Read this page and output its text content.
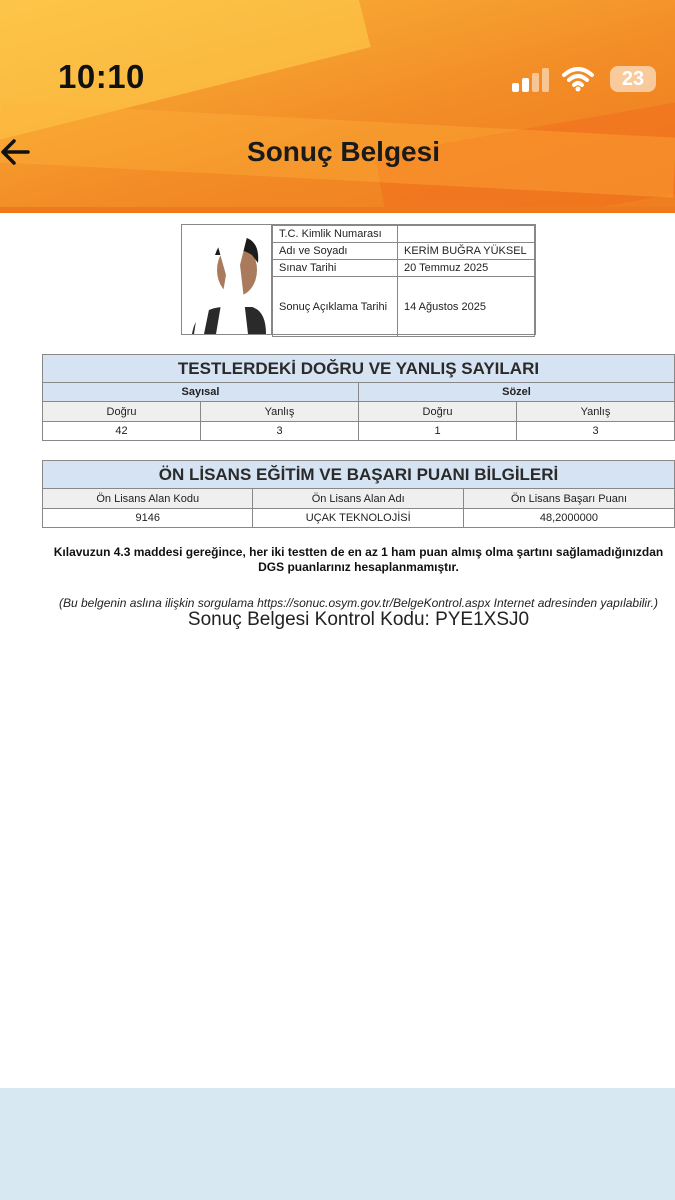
10:10	23
Sonuç Belgesi
T.C. Kimlik Numarası	
Adı ve Soyadı	KERİM BUĞRA YÜKSEL
Sınav Tarihi	20 Temmuz 2025
Sonuç Açıklama Tarihi	14 Ağustos 2025
TESTLERDEKİ DOĞRU VE YANLIŞ SAYILARI			
Sayısal		Sözel	
Doğru	Yanlış	Doğru	Yanlış
42	3	1	3
ÖN LİSANS EĞİTİM VE BAŞARI PUANI BİLGİLERİ		
Ön Lisans Alan Kodu	Ön Lisans Alan Adı	Ön Lisans Başarı Puanı
9146	UÇAK TEKNOLOJİSİ	48,2000000
Kılavuzun 4.3 maddesi gereğince, her iki testten de en az 1 ham puan almış olma şartını sağlamadığınızdan DGS puanlarınız hesaplanmamıştır.
(Bu belgenin aslına ilişkin sorgulama https://sonuc.osym.gov.tr/BelgeKontrol.aspx Internet adresinden yapılabilir.)
Sonuç Belgesi Kontrol Kodu: PYE1XSJ0
